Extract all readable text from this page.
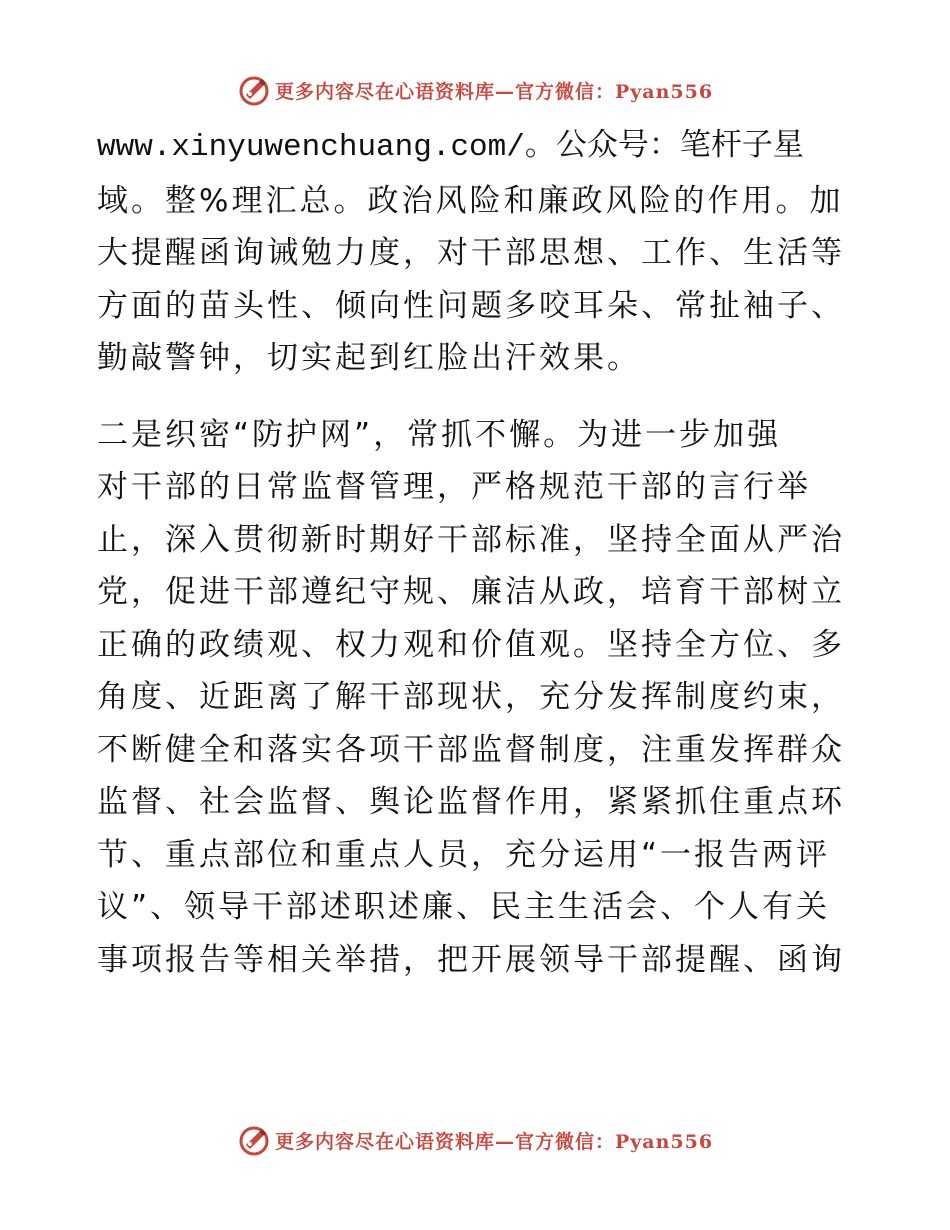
更多内容尽在心语资料库—官方微信：Pyan556
www.xinyuwenchuang.com/。公众号：笔杆子星
域。整%理汇总。政治风险和廉政风险的作用。加
大提醒函询诫勉力度，对干部思想、工作、生活等
方面的苗头性、倾向性问题多咬耳朵、常扯袖子、
勤敲警钟，切实起到红脸出汗效果。
二是织密“防护网”，常抓不懈。为进一步加强
对干部的日常监督管理，严格规范干部的言行举
止，深入贯彻新时期好干部标准，坚持全面从严治
党，促进干部遵纪守规、廉洁从政，培育干部树立
正确的政绩观、权力观和价值观。坚持全方位、多
角度、近距离了解干部现状，充分发挥制度约束，
不断健全和落实各项干部监督制度，注重发挥群众
监督、社会监督、舆论监督作用，紧紧抓住重点环
节、重点部位和重点人员，充分运用“一报告两评
议”、领导干部述职述廉、民主生活会、个人有关
事项报告等相关举措，把开展领导干部提醒、函询
更多内容尽在心语资料库—官方微信：Pyan556
